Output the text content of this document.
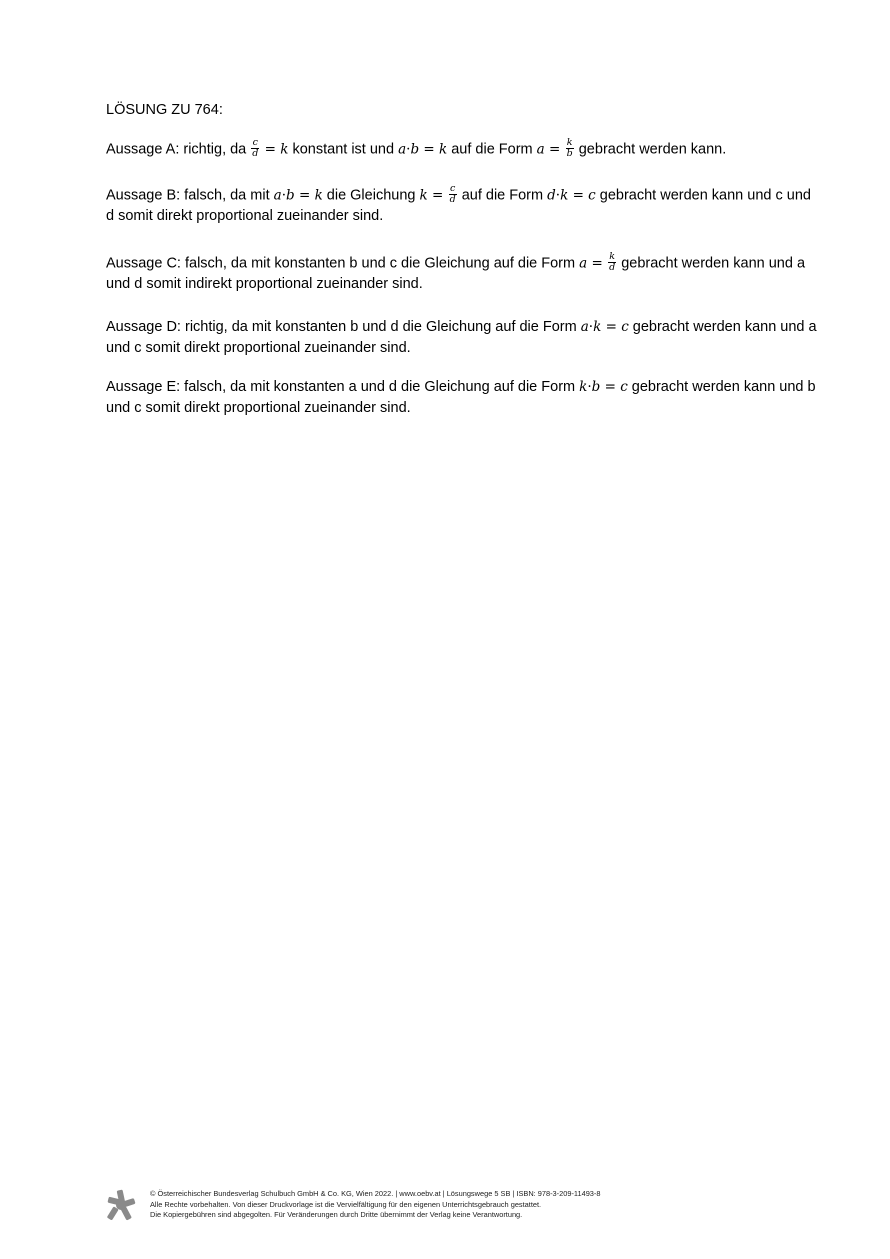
LÖSUNG ZU 764:
Aussage A: richtig, da $\frac{c}{d} = k$ konstant ist und a·b = k auf die Form $a = \frac{k}{b}$ gebracht werden kann.
Aussage B: falsch, da mit a·b = k die Gleichung $k = \frac{c}{d}$ auf die Form d·k = c gebracht werden kann und c und d somit direkt proportional zueinander sind.
Aussage C: falsch, da mit konstanten b und c die Gleichung auf die Form $a = \frac{k}{d}$ gebracht werden kann und a und d somit indirekt proportional zueinander sind.
Aussage D: richtig, da mit konstanten b und d die Gleichung auf die Form a·k = c gebracht werden kann und a und c somit direkt proportional zueinander sind.
Aussage E: falsch, da mit konstanten a und d die Gleichung auf die Form k·b = c gebracht werden kann und b und c somit direkt proportional zueinander sind.
© Österreichischer Bundesverlag Schulbuch GmbH & Co. KG, Wien 2022. | www.oebv.at | Lösungswege 5 SB | ISBN: 978-3-209-11493-8
Alle Rechte vorbehalten. Von dieser Druckvorlage ist die Vervielfältigung für den eigenen Unterrichtsgebrauch gestattet.
Die Kopiergebühren sind abgegolten. Für Veränderungen durch Dritte übernimmt der Verlag keine Verantwortung.
